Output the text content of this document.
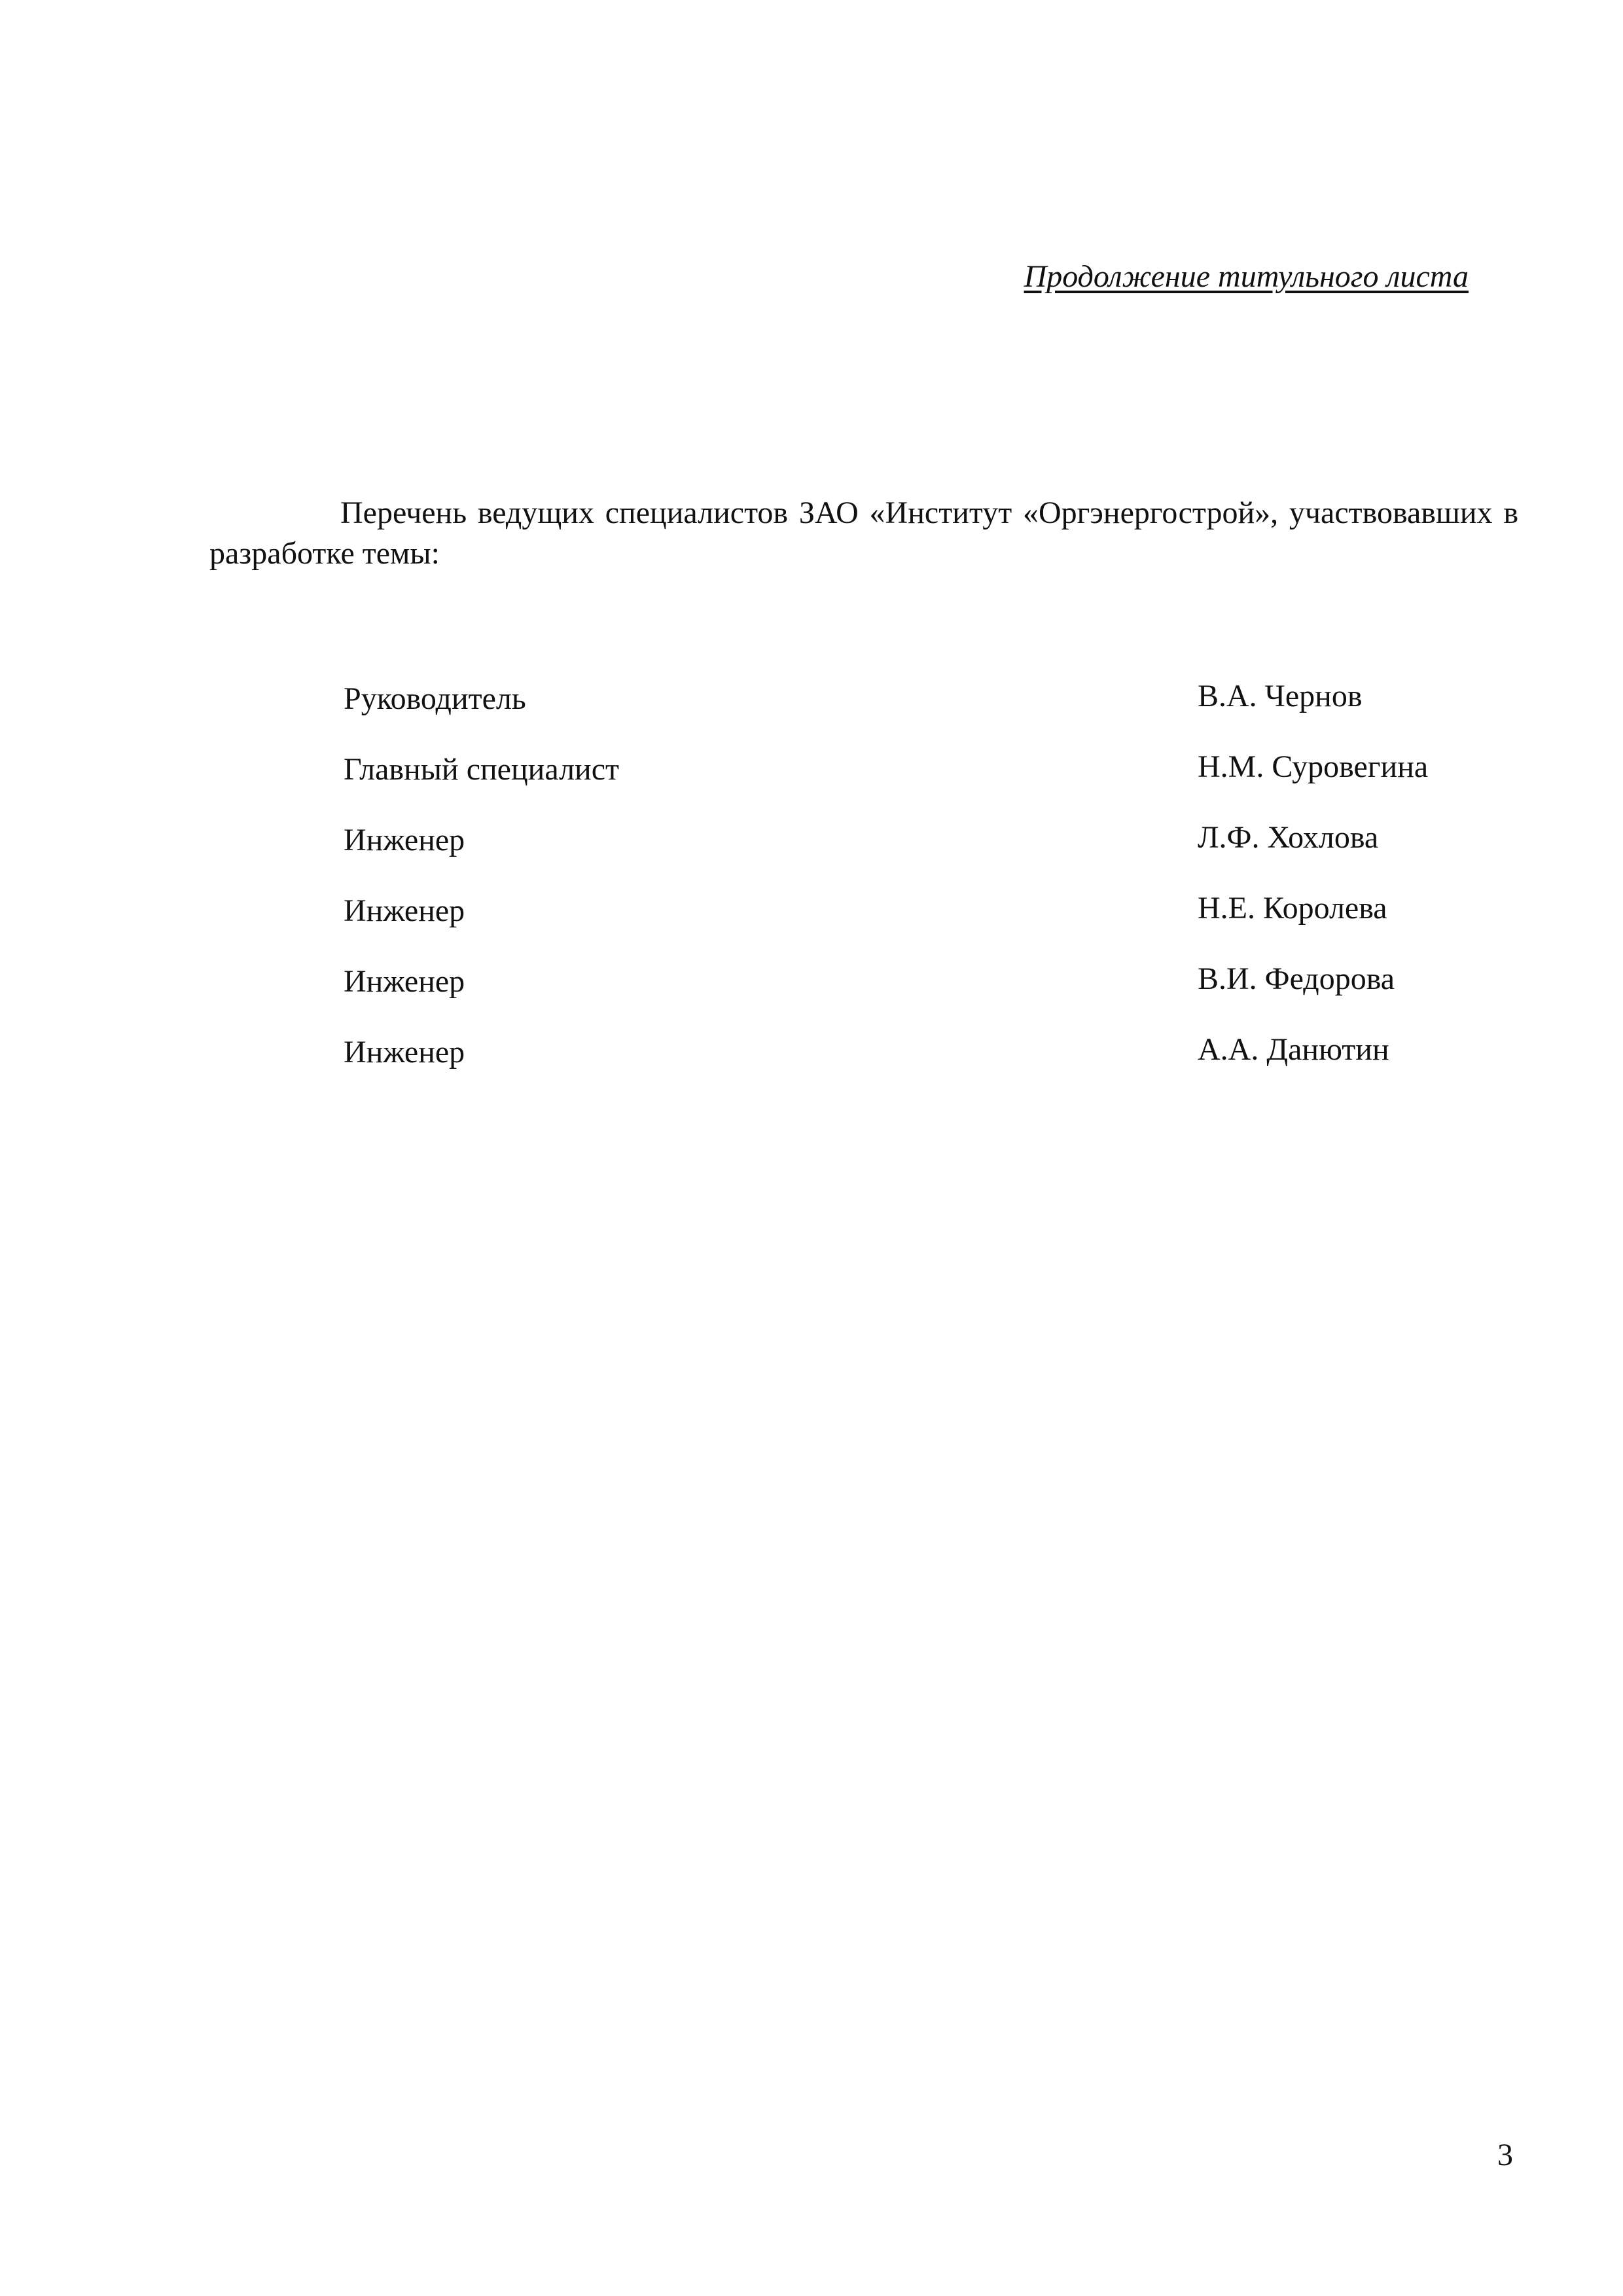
Продолжение титульного листа

Перечень ведущих специалистов ЗАО «Институт «Оргэнергострой», участвовавших в разработке темы:

Руководитель	В.А. Чернов
Главный специалист	Н.М. Суровегина
Инженер	Л.Ф. Хохлова
Инженер	Н.Е. Королева
Инженер	В.И. Федорова
Инженер	А.А. Данютин
3
